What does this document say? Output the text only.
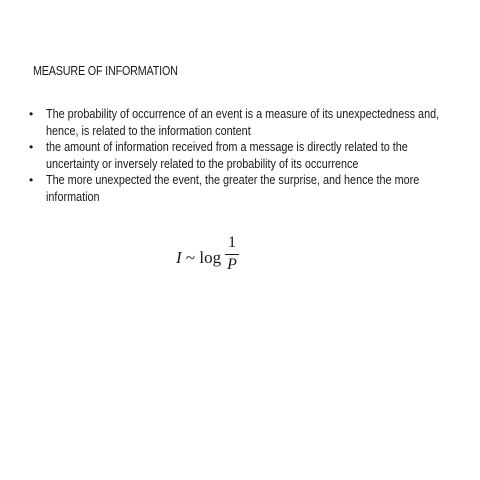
MEASURE OF INFORMATION
• The probability of occurrence of an event is a measure of its unexpectedness and, hence, is related to the information content
• the amount of information received from a message is directly related to the uncertainty or inversely related to the probability of its occurrence
• The more unexpected the event, the greater the surprise, and hence the more information
I ~ log
1
P
